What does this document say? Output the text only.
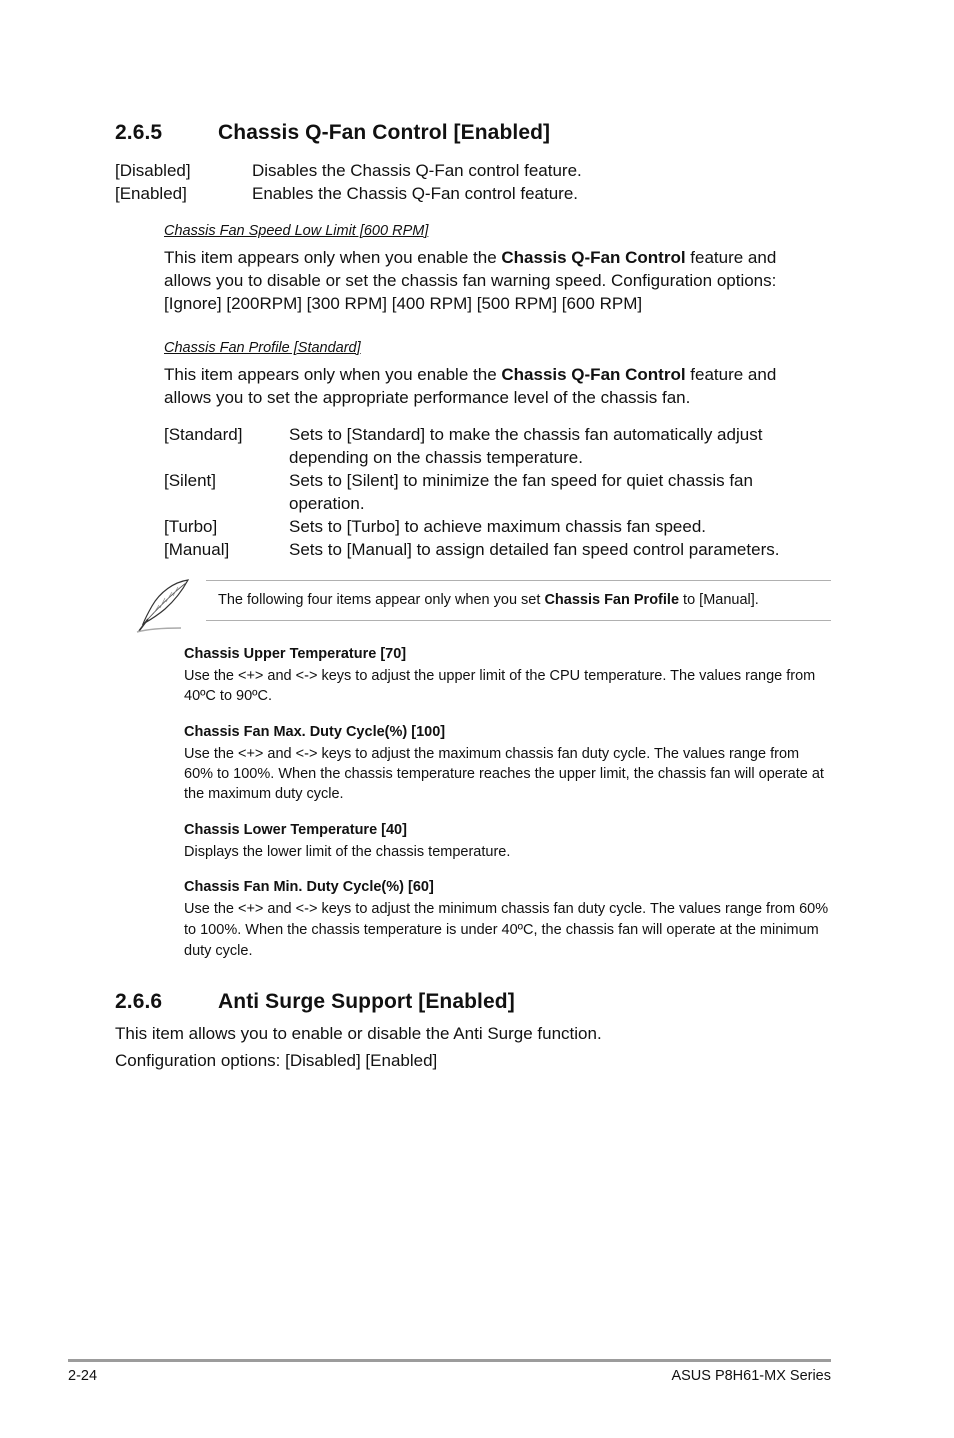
2.6.5	Chassis Q-Fan Control [Enabled]
[Disabled]	Disables the Chassis Q-Fan control feature.
[Enabled]	Enables the Chassis Q-Fan control feature.
Chassis Fan Speed Low Limit [600 RPM]
This item appears only when you enable the Chassis Q-Fan Control feature and allows you to disable or set the chassis fan warning speed. Configuration options: [Ignore] [200RPM] [300 RPM] [400 RPM] [500 RPM] [600 RPM]
Chassis Fan Profile [Standard]
This item appears only when you enable the Chassis Q-Fan Control feature and allows you to set the appropriate performance level of the chassis fan.
[Standard]	Sets to [Standard] to make the chassis fan automatically adjust depending on the chassis temperature.
[Silent]	Sets to [Silent] to minimize the fan speed for quiet chassis fan operation.
[Turbo]	Sets to [Turbo] to achieve maximum chassis fan speed.
[Manual]	Sets to [Manual] to assign detailed fan speed control parameters.
The following four items appear only when you set Chassis Fan Profile to [Manual].
Chassis Upper Temperature [70]
Use the <+> and <-> keys to adjust the upper limit of the CPU temperature. The values range from 40ºC to 90ºC.
Chassis Fan Max. Duty Cycle(%) [100]
Use the <+> and <-> keys to adjust the maximum chassis fan duty cycle. The values range from 60% to 100%. When the chassis temperature reaches the upper limit, the chassis fan will operate at the maximum duty cycle.
Chassis Lower Temperature [40]
Displays the lower limit of the chassis temperature.
Chassis Fan Min. Duty Cycle(%) [60]
Use the <+> and <-> keys to adjust the minimum chassis fan duty cycle. The values range from 60% to 100%. When the chassis temperature is under 40ºC, the chassis fan will operate at the minimum duty cycle.
2.6.6	Anti Surge Support [Enabled]
This item allows you to enable or disable the Anti Surge function.
Configuration options: [Disabled] [Enabled]
2-24	ASUS P8H61-MX Series
